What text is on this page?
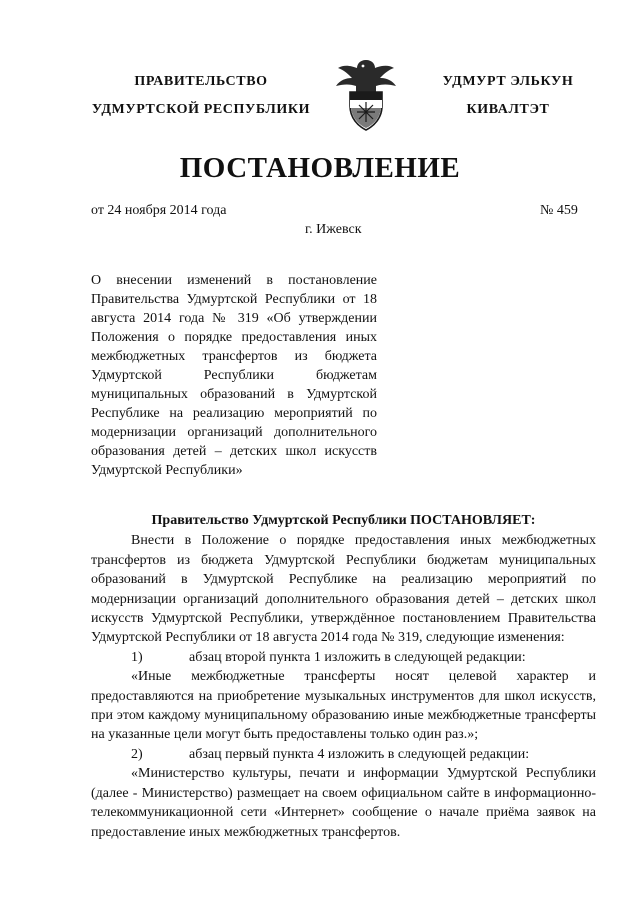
ПРАВИТЕЛЬСТВО
УДМУРТСКОЙ РЕСПУБЛИКИ
УДМУРТ ЭЛЬКУН
КИВАЛТЭТ
ПОСТАНОВЛЕНИЕ
от 24 ноября 2014 года	№ 459
г. Ижевск
О внесении изменений в постановление Правительства Удмуртской Республики от 18 августа 2014 года № 319 «Об утверждении Положения о порядке предоставления иных межбюджетных трансфертов из бюджета Удмуртской Республики бюджетам муниципальных образований в Удмуртской Республике на реализацию мероприятий по модернизации организаций дополнительного образования детей – детских школ искусств Удмуртской Республики»

Правительство Удмуртской Республики ПОСТАНОВЛЯЕТ:

Внести в Положение о порядке предоставления иных межбюджетных трансфертов из бюджета Удмуртской Республики бюджетам муниципальных образований в Удмуртской Республике на реализацию мероприятий по модернизации организаций дополнительного образования детей – детских школ искусств Удмуртской Республики, утверждённое постановлением Правительства Удмуртской Республики от 18 августа 2014 года № 319, следующие изменения:

1)	абзац второй пункта 1 изложить в следующей редакции:

«Иные межбюджетные трансферты носят целевой характер и предоставляются на приобретение музыкальных инструментов для школ искусств, при этом каждому муниципальному образованию иные межбюджетные трансферты на указанные цели могут быть предоставлены только один раз.»;

2)	абзац первый пункта 4 изложить в следующей редакции:

«Министерство культуры, печати и информации Удмуртской Республики (далее - Министерство) размещает на своем официальном сайте в информационно-телекоммуникационной сети «Интернет» сообщение о начале приёма заявок на предоставление иных межбюджетных трансфертов.
